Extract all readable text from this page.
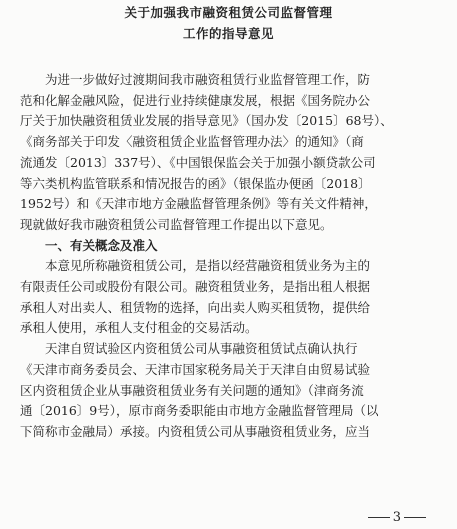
关于加强我市融资租赁公司监督管理
工作的指导意见
　　为进一步做好过渡期间我市融资租赁行业监督管理工作，防
范和化解金融风险，促进行业持续健康发展，根据《国务院办公
厅关于加快融资租赁业发展的指导意见》（国办发〔2015〕68号）、
《商务部关于印发〈融资租赁企业监督管理办法〉的通知》（商
流通发〔2013〕337号）、《中国银保监会关于加强小额贷款公司
等六类机构监管联系和情况报告的函》（银保监办便函〔2018〕
1952号）和《天津市地方金融监督管理条例》等有关文件精神，
现就做好我市融资租赁公司监督管理工作提出以下意见。
　　一、有关概念及准入
　　本意见所称融资租赁公司，是指以经营融资租赁业务为主的
有限责任公司或股份有限公司。融资租赁业务，是指出租人根据
承租人对出卖人、租赁物的选择，向出卖人购买租赁物，提供给
承租人使用，承租人支付租金的交易活动。
　　天津自贸试验区内资租赁公司从事融资租赁试点确认执行
《天津市商务委员会、天津市国家税务局关于天津自由贸易试验
区内资租赁企业从事融资租赁业务有关问题的通知》（津商务流
通〔2016〕9号），原市商务委职能由市地方金融监督管理局（以
下简称市金融局）承接。内资租赁公司从事融资租赁业务，应当
3
